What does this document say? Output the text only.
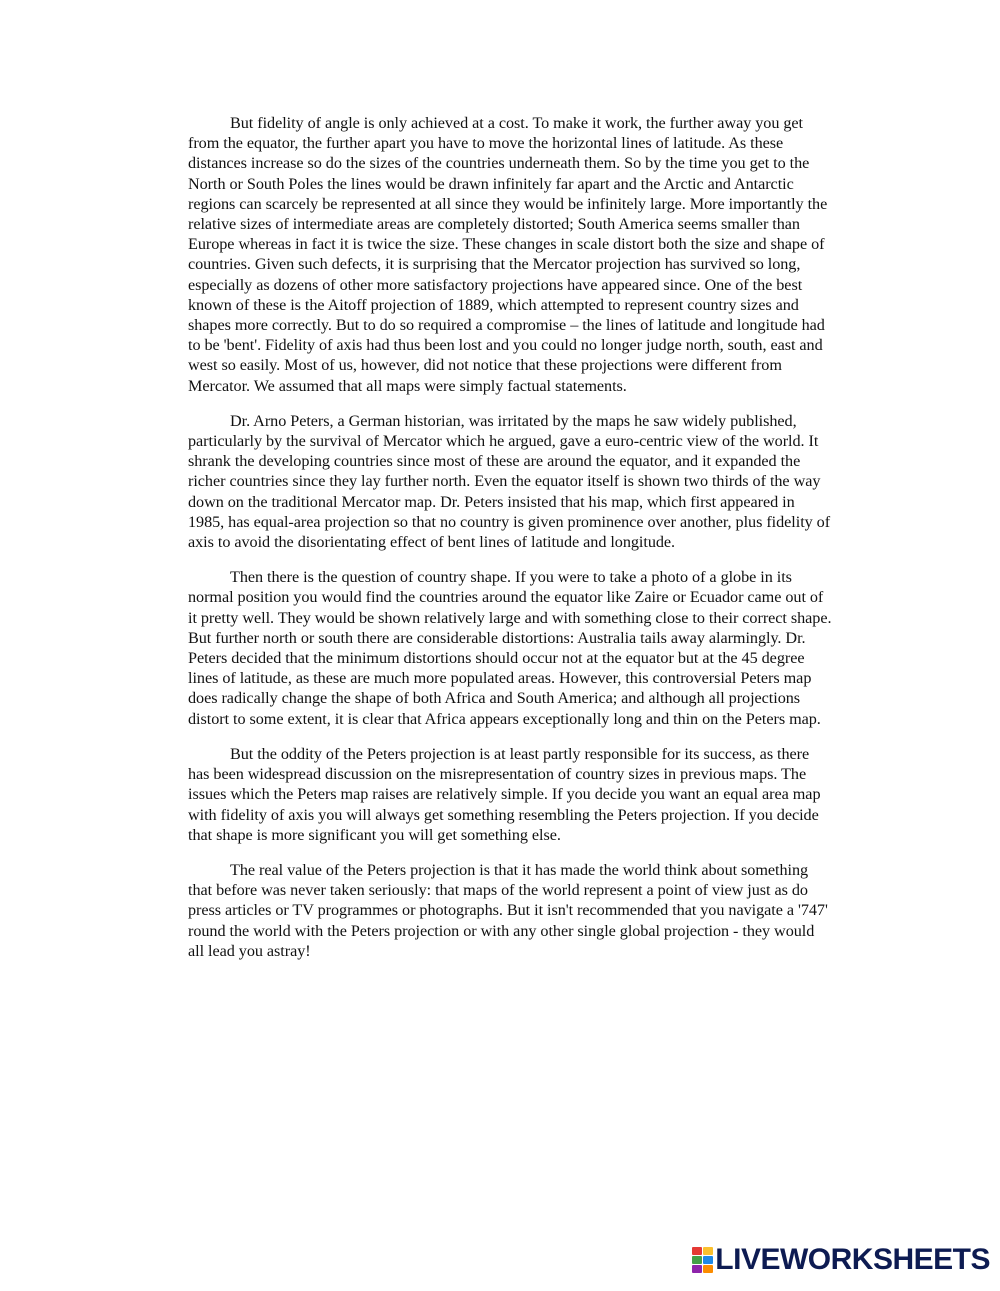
But fidelity of angle is only achieved at a cost. To make it work, the further away you get from the equator, the further apart you have to move the horizontal lines of latitude. As these distances increase so do the sizes of the countries underneath them. So by the time you get to the North or South Poles the lines would be drawn infinitely far apart and the Arctic and Antarctic regions can scarcely be represented at all since they would be infinitely large. More importantly the relative sizes of intermediate areas are completely distorted; South America seems smaller than Europe whereas in fact it is twice the size. These changes in scale distort both the size and shape of countries. Given such defects, it is surprising that the Mercator projection has survived so long, especially as dozens of other more satisfactory projections have appeared since. One of the best known of these is the Aitoff projection of 1889, which attempted to represent country sizes and shapes more correctly. But to do so required a compromise – the lines of latitude and longitude had to be 'bent'. Fidelity of axis had thus been lost and you could no longer judge north, south, east and west so easily. Most of us, however, did not notice that these projections were different from Mercator. We assumed that all maps were simply factual statements.

Dr. Arno Peters, a German historian, was irritated by the maps he saw widely published, particularly by the survival of Mercator which he argued, gave a euro-centric view of the world. It shrank the developing countries since most of these are around the equator, and it expanded the richer countries since they lay further north. Even the equator itself is shown two thirds of the way down on the traditional Mercator map. Dr. Peters insisted that his map, which first appeared in 1985, has equal-area projection so that no country is given prominence over another, plus fidelity of axis to avoid the disorientating effect of bent lines of latitude and longitude.

Then there is the question of country shape. If you were to take a photo of a globe in its normal position you would find the countries around the equator like Zaire or Ecuador came out of it pretty well. They would be shown relatively large and with something close to their correct shape. But further north or south there are considerable distortions: Australia tails away alarmingly. Dr. Peters decided that the minimum distortions should occur not at the equator but at the 45 degree lines of latitude, as these are much more populated areas. However, this controversial Peters map does radically change the shape of both Africa and South America; and although all projections distort to some extent, it is clear that Africa appears exceptionally long and thin on the Peters map.

But the oddity of the Peters projection is at least partly responsible for its success, as there has been widespread discussion on the misrepresentation of country sizes in previous maps. The issues which the Peters map raises are relatively simple. If you decide you want an equal area map with fidelity of axis you will always get something resembling the Peters projection. If you decide that shape is more significant you will get something else.

The real value of the Peters projection is that it has made the world think about something that before was never taken seriously: that maps of the world represent a point of view just as do press articles or TV programmes or photographs. But it isn't recommended that you navigate a '747' round the world with the Peters projection or with any other single global projection - they would all lead you astray!

LIVEWORKSHEETS
